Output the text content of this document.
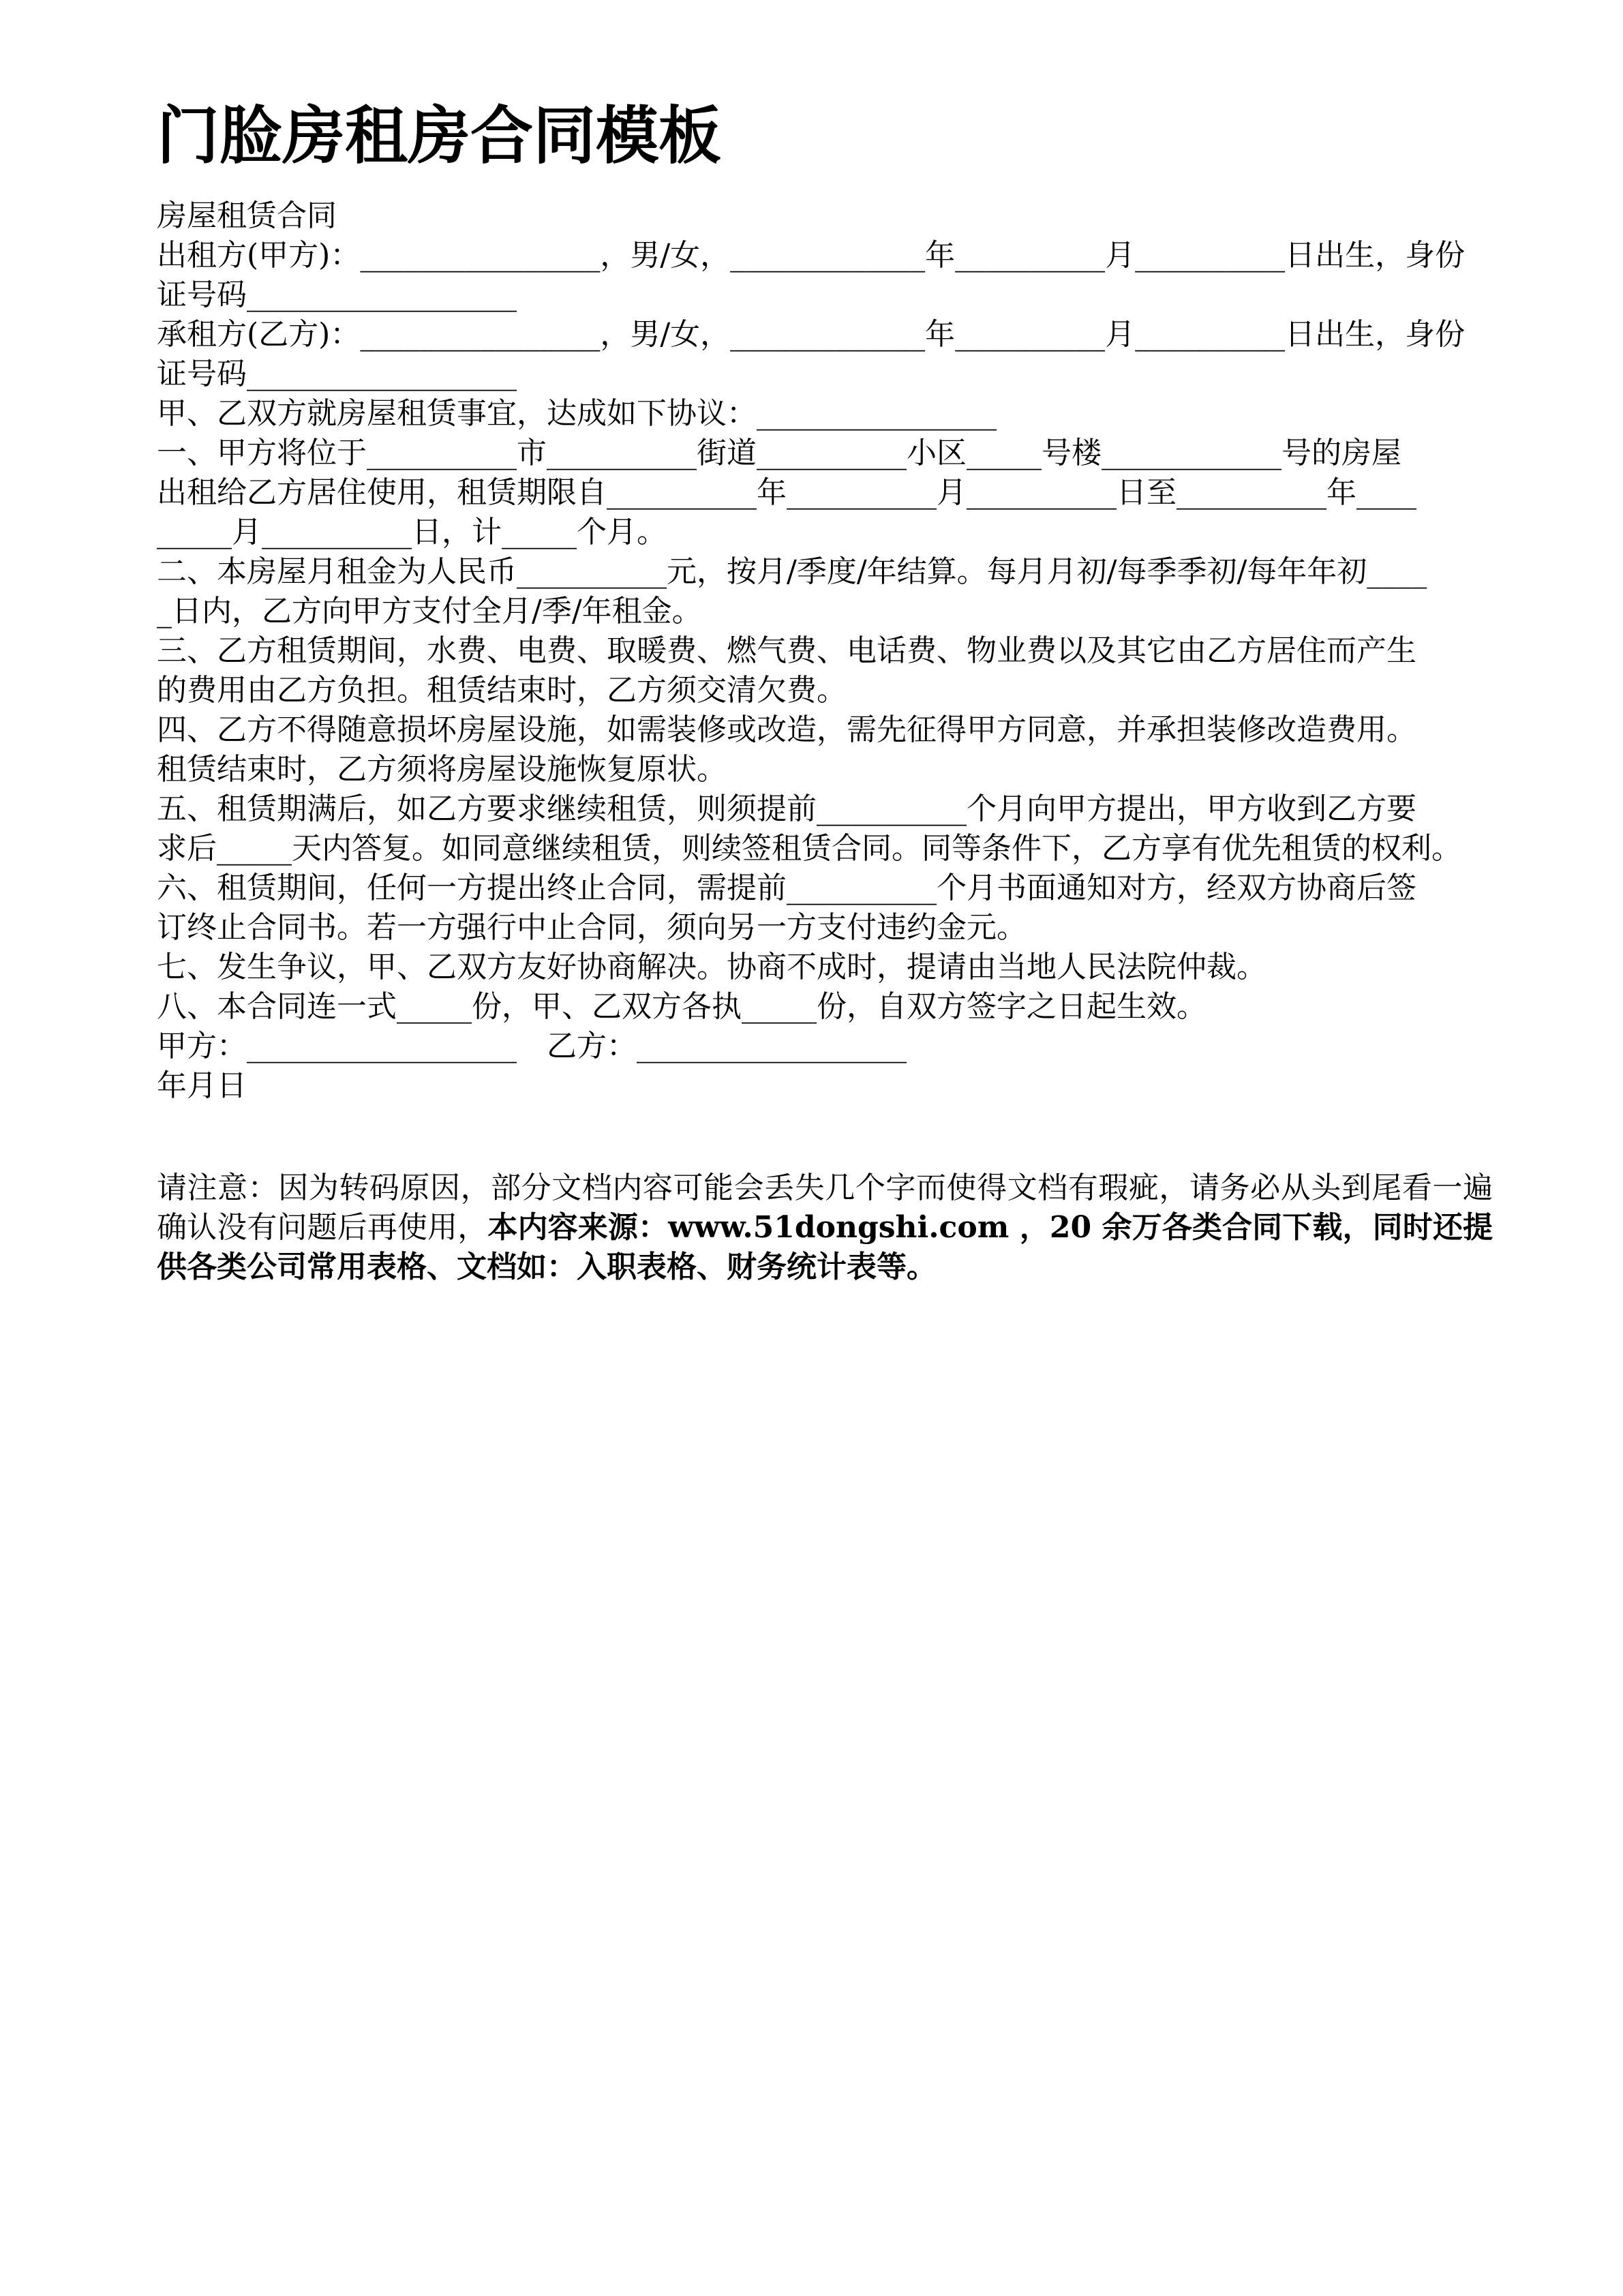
门脸房租房合同模板
房屋租赁合同
出租方(甲方)：________________，男/女，_____________年__________月__________日出生，身份
证号码__________________
承租方(乙方)：________________，男/女，_____________年__________月__________日出生，身份
证号码__________________
甲、乙双方就房屋租赁事宜，达成如下协议：________________
一、甲方将位于__________市__________街道__________小区_____号楼____________号的房屋
出租给乙方居住使用，租赁期限自__________年__________月__________日至__________年____
_____月__________日，计_____个月。
二、本房屋月租金为人民币__________元，按月/季度/年结算。每月月初/每季季初/每年年初____
_日内，乙方向甲方支付全月/季/年租金。
三、乙方租赁期间，水费、电费、取暖费、燃气费、电话费、物业费以及其它由乙方居住而产生
的费用由乙方负担。租赁结束时，乙方须交清欠费。
四、乙方不得随意损坏房屋设施，如需装修或改造，需先征得甲方同意，并承担装修改造费用。
租赁结束时，乙方须将房屋设施恢复原状。
五、租赁期满后，如乙方要求继续租赁，则须提前__________个月向甲方提出，甲方收到乙方要
求后_____天内答复。如同意继续租赁，则续签租赁合同。同等条件下，乙方享有优先租赁的权利。
六、租赁期间，任何一方提出终止合同，需提前__________个月书面通知对方，经双方协商后签
订终止合同书。若一方强行中止合同，须向另一方支付违约金元。
七、发生争议，甲、乙双方友好协商解决。协商不成时，提请由当地人民法院仲裁。
八、本合同连一式_____份，甲、乙双方各执_____份，自双方签字之日起生效。
甲方：__________________　乙方：__________________
年月日

请注意：因为转码原因，部分文档内容可能会丢失几个字而使得文档有瑕疵，请务必从头到尾看一遍确认没有问题后再使用，本内容来源：www.51dongshi.com ，20 余万各类合同下载，同时还提供各类公司常用表格、文档如：入职表格、财务统计表等。
